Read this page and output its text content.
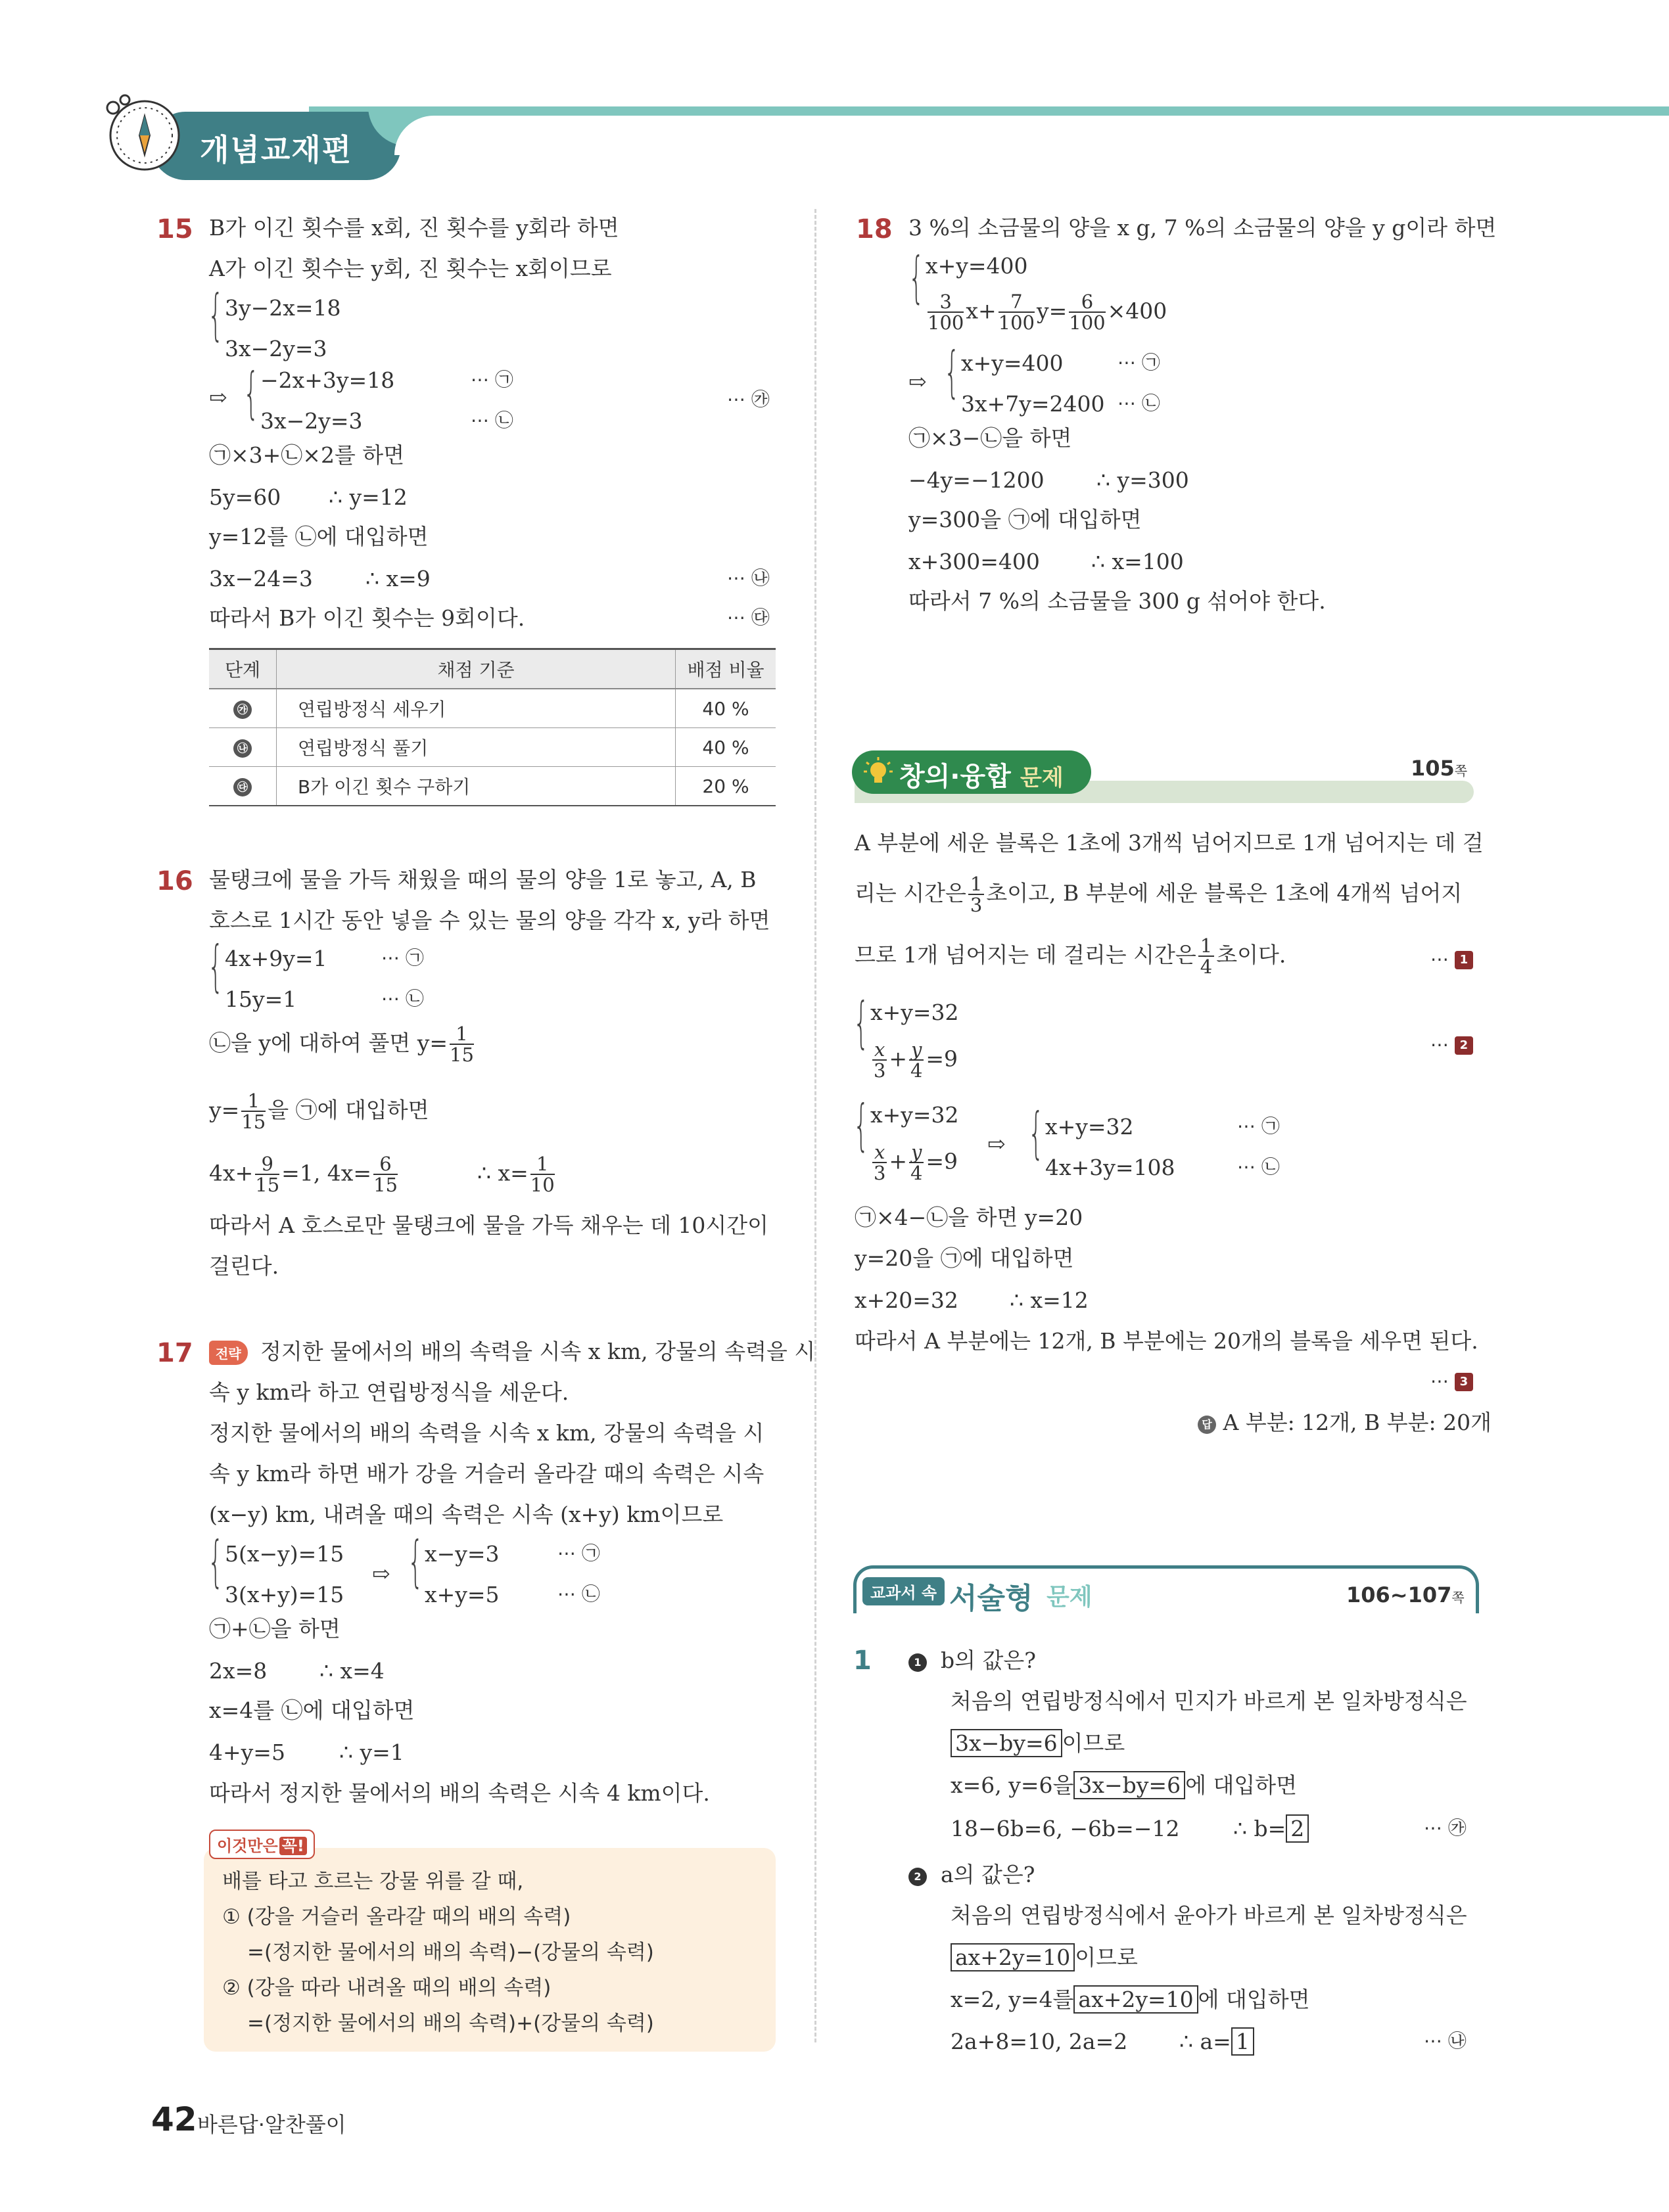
개념교재편
15 B가 이긴 횟수를 x회, 진 횟수를 y회라 하면
A가 이긴 횟수는 y회, 진 횟수는 x회이므로
{ 3y−2x=18
3x−2y=3
⇨ { −2x+3y=18
3x−2y=3
⋯ ㉠
⋯ ㉡
⋯ ㉮
㉠×3+㉡×2를 하면
5y=60 ∴ y=12
y=12를 ㉡에 대입하면
3x−24=3 ∴ x=9	⋯ ㉯
따라서 B가 이긴 횟수는 9회이다.	⋯ ㉰
단계	채점 기준	배점 비율
㉮	연립방정식 세우기	40 %
㉯	연립방정식 풀기	40 %
㉰	B가 이긴 횟수 구하기	20 %
16 물탱크에 물을 가득 채웠을 때의 물의 양을 1로 놓고, A, B
호스로 1시간 동안 넣을 수 있는 물의 양을 각각 x, y라 하면
{ 4x+9y=1
15y=1
⋯ ㉠
⋯ ㉡
㉡을 y에 대하여 풀면 $y= \frac{1}{15}$
$y= \frac{1}{15}$ 을 ㉠에 대입하면
$4x+ \frac{9}{15} =1$, $4x= \frac{6}{15}$	∴ $x= \frac{1}{10}$
따라서 A 호스로만 물탱크에 물을 가득 채우는 데 10시간이
걸린다.
17	전략 정지한 물에서의 배의 속력을 시속 x km, 강물의 속력을 시
속 y km라 하고 연립방정식을 세운다.
정지한 물에서의 배의 속력을 시속 x km, 강물의 속력을 시
속 y km라 하면 배가 강을 거슬러 올라갈 때의 속력은 시속
(x−y) km, 내려올 때의 속력은 시속 (x+y) km이므로
{ 5(x−y)=15
3(x+y)=15
⇨ { x−y=3
x+y=5
⋯ ㉠
⋯ ㉡
㉠+㉡을 하면
2x=8 ∴ x=4
x=4를 ㉡에 대입하면
4+y=5 ∴ y=1
따라서 정지한 물에서의 배의 속력은 시속 4 km이다.
이것만은 꼭!
배를 타고 흐르는 강물 위를 갈 때,
① (강을 거슬러 올라갈 때의 배의 속력)
=(정지한 물에서의 배의 속력)−(강물의 속력)
② (강을 따라 내려올 때의 배의 속력)
=(정지한 물에서의 배의 속력)+(강물의 속력)
18 3 %의 소금물의 양을 x g, 7 %의 소금물의 양을 y g이라 하면
{ x+y=400
$\frac{3}{100} x+ \frac{7}{100} y= \frac{6}{100} \times 400$
⇨ { x+y=400
3x+7y=2400
⋯ ㉠
⋯ ㉡
㉠×3−㉡을 하면
−4y=−1200 ∴ y=300
y=300을 ㉠에 대입하면
x+300=400 ∴ x=100
따라서 7 %의 소금물을 300 g 섞어야 한다.
창의·융합 문제	105쪽
A 부분에 세운 블록은 1초에 3개씩 넘어지므로 1개 넘어지는 데 걸
리는 시간은 $\frac{1}{3}$ 초이고, B 부분에 세운 블록은 1초에 4개씩 넘어지
므로 1개 넘어지는 데 걸리는 시간은 $\frac{1}{4}$ 초이다.	⋯ 1
{ x+y=32
$\frac{x}{3} + \frac{y}{4} =9$
⋯ 2
{ x+y=32
$\frac{x}{3} + \frac{y}{4} =9$
⇨ { x+y=32
4x+3y=108
⋯ ㉠
⋯ ㉡
㉠×4−㉡을 하면 y=20
y=20을 ㉠에 대입하면
x+20=32 ∴ x=12
따라서 A 부분에는 12개, B 부분에는 20개의 블록을 세우면 된다.
⋯ 3
답 A 부분: 12개, B 부분: 20개
교과서 속 서술형 문제	106~107쪽
1	1 b의 값은?
처음의 연립방정식에서 민지가 바르게 본 일차방정식은
3x−by=6 이므로
x=6, y=6을 3x−by=6 에 대입하면
18−6b=6, −6b=−12 ∴ b= 2	⋯ ㉮
2 a의 값은?
처음의 연립방정식에서 윤아가 바르게 본 일차방정식은
ax+2y=10 이므로
x=2, y=4를 ax+2y=10 에 대입하면
2a+8=10, 2a=2 ∴ a= 1	⋯ ㉯
42 바른답·알찬풀이
